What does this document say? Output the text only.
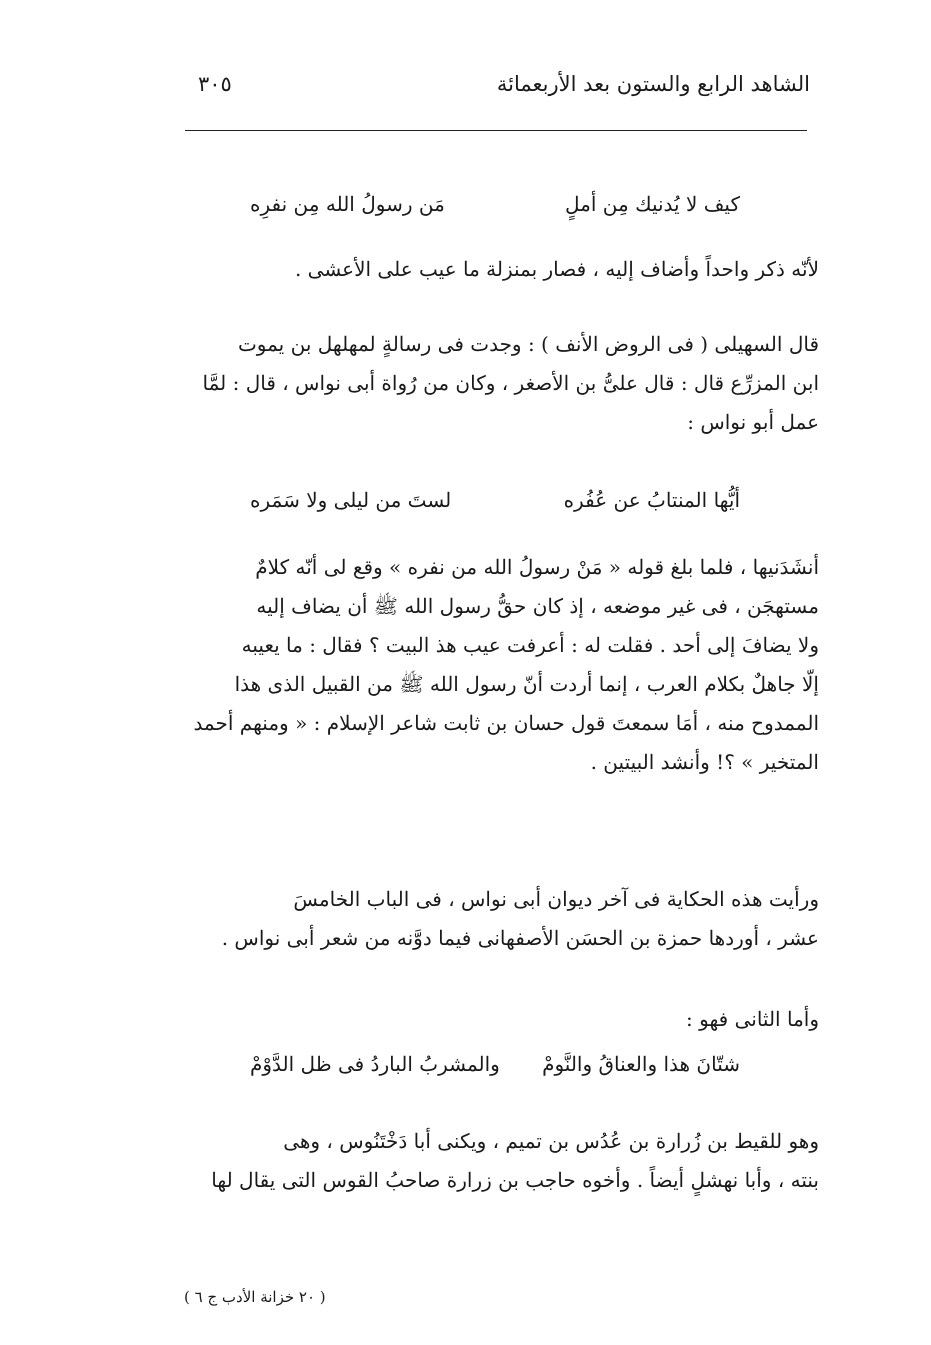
الشاهد الرابع والستون بعد الأربعمائة
٣٠٥
كيف لا يُدنيك مِن أملٍ
مَن رسولُ الله مِن نفرِه
لأنّه ذكر واحداً وأضاف إليه ، فصار بمنزلة ما عيب على الأعشى .
قال السهيلى ( فى الروض الأنف ) : وجدت فى رسالةٍ لمهلهل بن يموت
ابن المزرِّع قال : قال علىُّ بن الأصغر ، وكان من رُواة أبى نواس ، قال : لمَّا
عمل أبو نواس :
أيُّها المنتابُ عن عُفُره
لستَ من ليلى ولا سَمَره
أنشَدَنيها ، فلما بلغ قوله « مَنْ رسولُ الله من نفره » وقع لى أنّه كلامٌ
مستهجَن ، فى غير موضعه ، إذ كان حقُّ رسول الله ﷺ أن يضاف إليه
ولا يضافَ إلى أحد . فقلت له : أعرفت عيب هذ البيت ؟ فقال : ما يعيبه
إلّا جاهلٌ بكلام العرب ، إنما أردت أنّ رسول الله ﷺ من القبيل الذى هذا
الممدوح منه ، أمَا سمعتَ قول حسان بن ثابت شاعر الإسلام : « ومنهم أحمد
المتخير » ؟! وأنشد البيتين .
ورأيت هذه الحكاية فى آخر ديوان أبى نواس ، فى الباب الخامسَ
عشر ، أوردها حمزة بن الحسَن الأصفهانى فيما دوَّنه من شعر أبى نواس .
وأما الثانى فهو :
شتّانَ هذا والعناقُ والنَّومْ
والمشربُ الباردُ فى ظل الدَّوْمْ
وهو للقيط بن زُرارة بن عُدُس بن تميم ، ويكنى أبا دَخْتَنُوس ، وهى
بنته ، وأبا نهشلٍ أيضاً . وأخوه حاجب بن زرارة صاحبُ القوس التى يقال لها
( ٢٠ خزانة الأدب ج ٦ )
